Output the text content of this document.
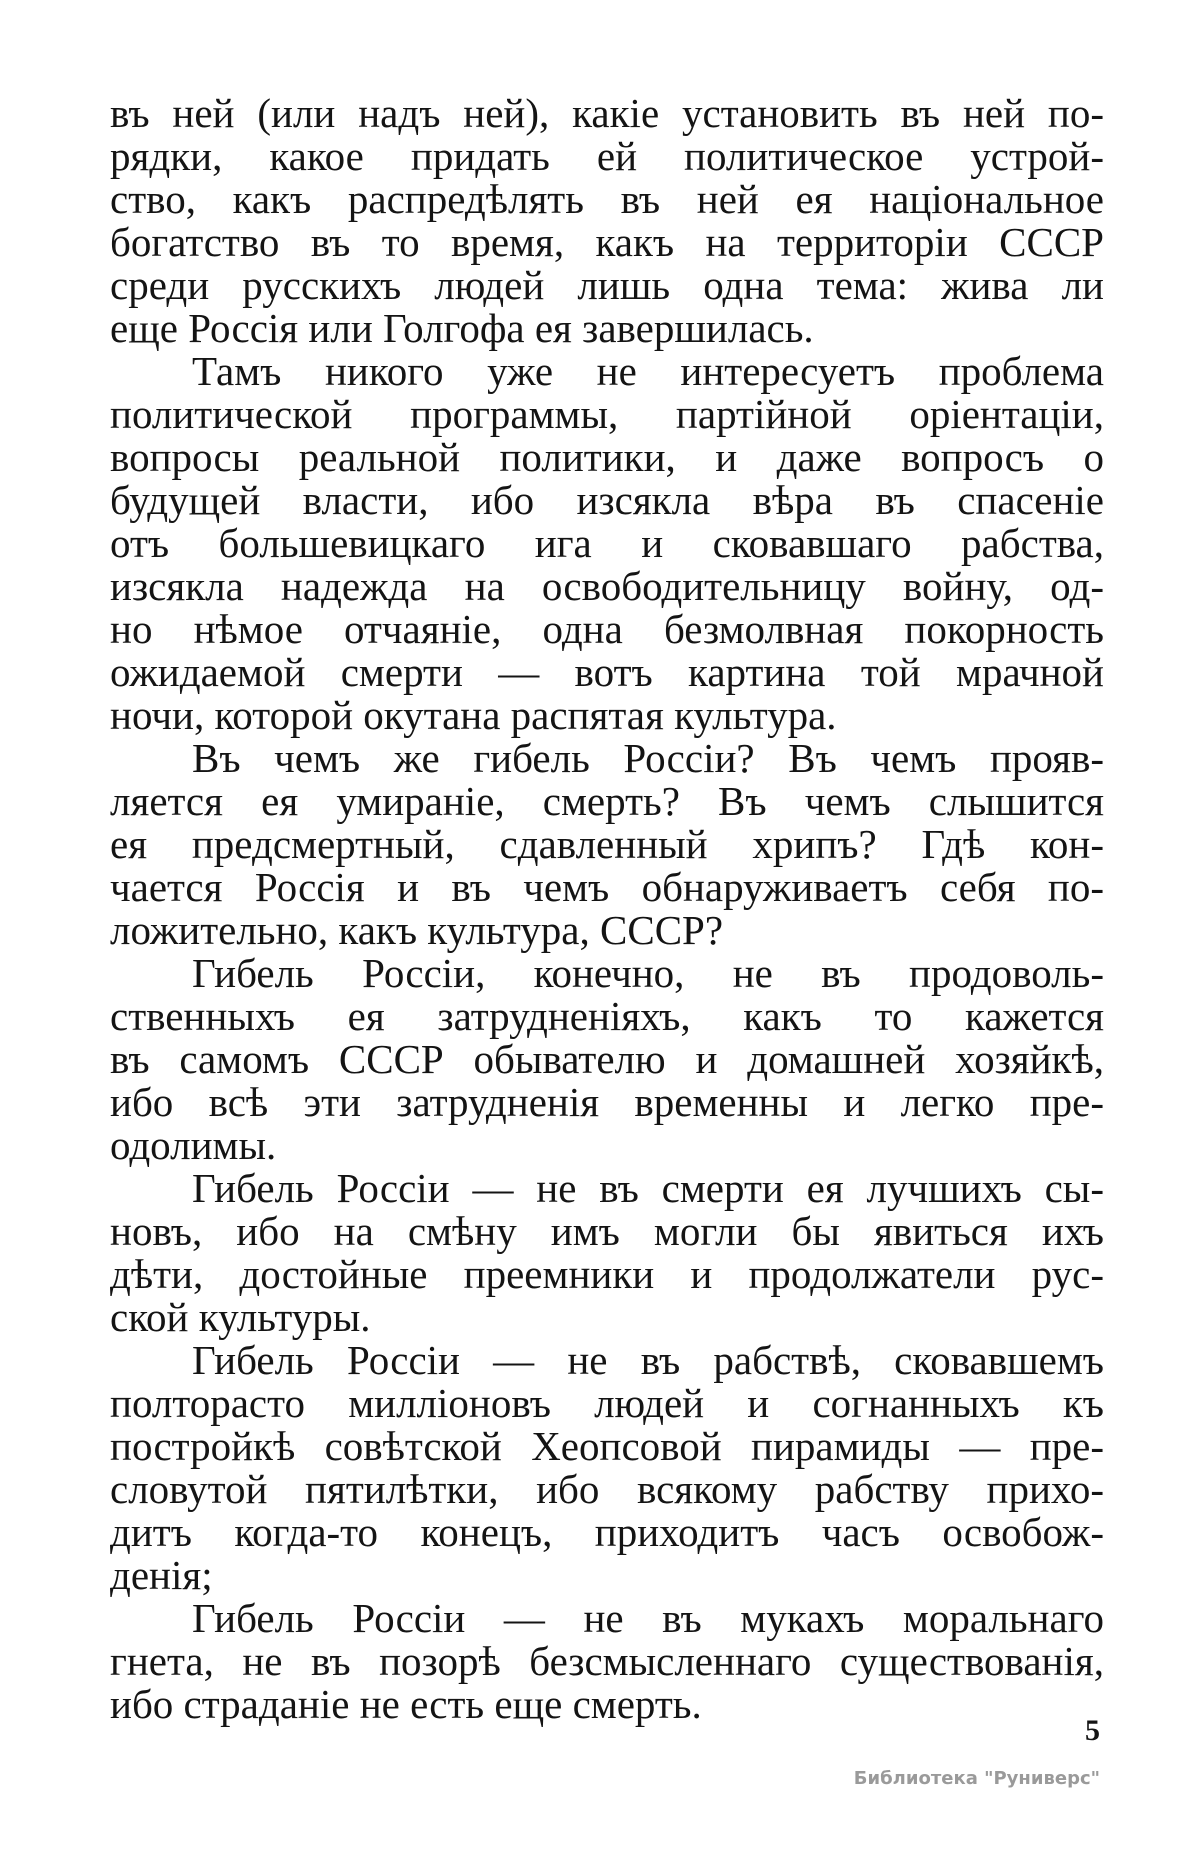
въ ней (или надъ ней), какіе установить въ ней по-
рядки, какое придать ей политическое устрой-
ство, какъ распредѣлять въ ней ея національное
богатство въ то время, какъ на территоріи СССР
среди русскихъ людей лишь одна тема: жива ли
еще Россія или Голгофа ея завершилась.
Тамъ никого уже не интересуетъ проблема
политической программы, партійной оріентаціи,
вопросы реальной политики, и даже вопросъ о
будущей власти, ибо изсякла вѣра въ спасеніе
отъ большевицкаго ига и сковавшаго рабства,
изсякла надежда на освободительницу войну, од-
но нѣмое отчаяніе, одна безмолвная покорность
ожидаемой смерти — вотъ картина той мрачной
ночи, которой окутана распятая культура.
Въ чемъ же гибель Россіи? Въ чемъ прояв-
ляется ея умираніе, смерть? Въ чемъ слышится
ея предсмертный, сдавленный хрипъ? Гдѣ кон-
чается Россія и въ чемъ обнаруживаетъ себя по-
ложительно, какъ культура, СССР?
Гибель Россіи, конечно, не въ продоволь-
ственныхъ ея затрудненіяхъ, какъ то кажется
въ самомъ СССР обывателю и домашней хозяйкѣ,
ибо всѣ эти затрудненія временны и легко пре-
одолимы.
Гибель Россіи — не въ смерти ея лучшихъ сы-
новъ, ибо на смѣну имъ могли бы явиться ихъ
дѣти, достойные преемники и продолжатели рус-
ской культуры.
Гибель Россіи — не въ рабствѣ, сковавшемъ
полторасто милліоновъ людей и согнанныхъ къ
постройкѣ совѣтской Хеопсовой пирамиды — пре-
словутой пятилѣтки, ибо всякому рабству прихо-
дитъ когда-то конецъ, приходитъ часъ освобож-
денія;
Гибель Россіи — не въ мукахъ моральнаго
гнета, не въ позорѣ безсмысленнаго существованія,
ибо страданіе не есть еще смерть.
5
Библиотека "Руниверс"
